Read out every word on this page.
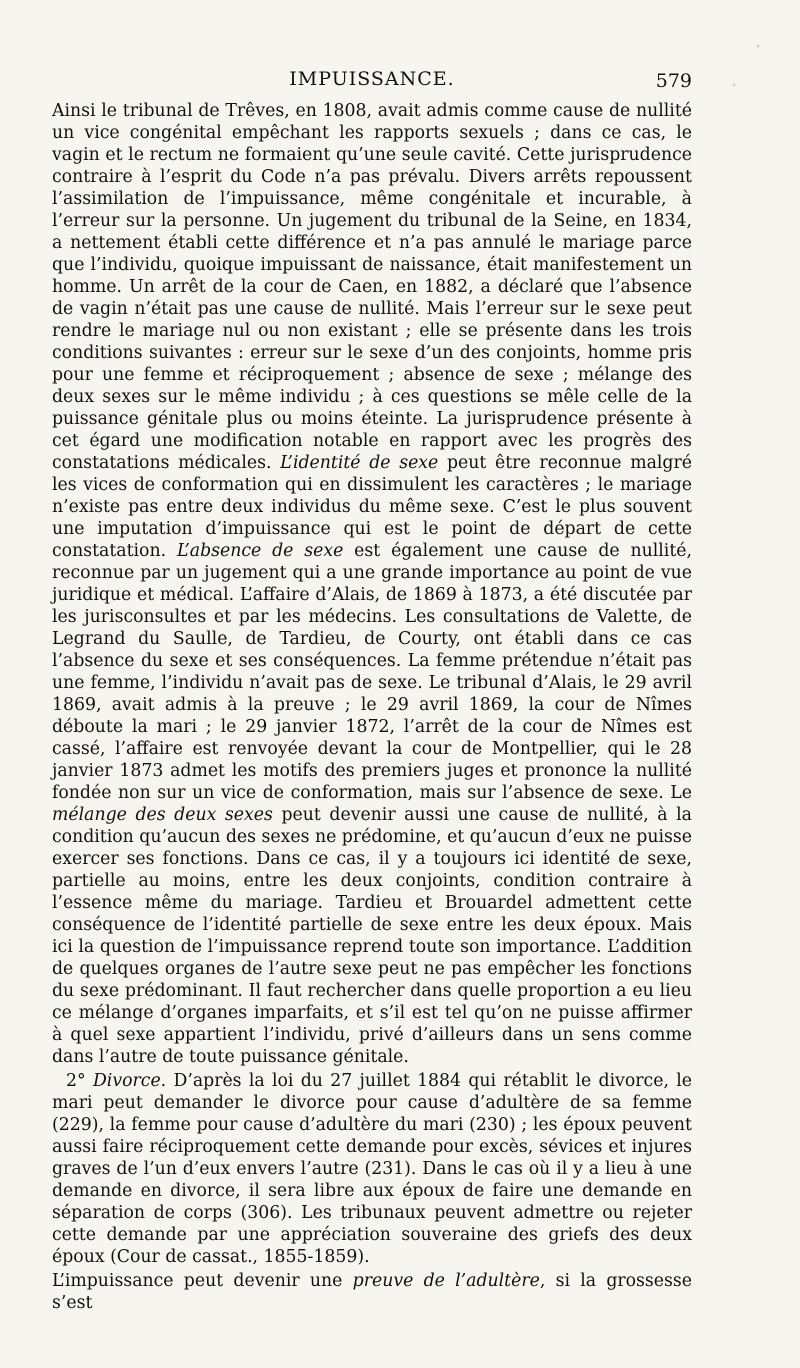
IMPUISSANCE.	579

Ainsi le tribunal de Trêves, en 1808, avait admis comme cause de nullité un vice congénital empêchant les rapports sexuels ; dans ce cas, le vagin et le rectum ne formaient qu’une seule cavité. Cette jurisprudence contraire à l’esprit du Code n’a pas prévalu. Divers arrêts repoussent l’assimilation de l’impuissance, même congénitale et incurable, à l’erreur sur la personne. Un jugement du tribunal de la Seine, en 1834, a nettement établi cette différence et n’a pas annulé le mariage parce que l’individu, quoique impuissant de naissance, était manifestement un homme. Un arrêt de la cour de Caen, en 1882, a déclaré que l’absence de vagin n’était pas une cause de nullité. Mais l’erreur sur le sexe peut rendre le mariage nul ou non existant ; elle se présente dans les trois conditions suivantes : erreur sur le sexe d’un des conjoints, homme pris pour une femme et réciproquement ; absence de sexe ; mélange des deux sexes sur le même individu ; à ces questions se mêle celle de la puissance génitale plus ou moins éteinte. La jurisprudence présente à cet égard une modification notable en rapport avec les progrès des constatations médicales. L’identité de sexe peut être reconnue malgré les vices de conformation qui en dissimulent les caractères ; le mariage n’existe pas entre deux individus du même sexe. C’est le plus souvent une imputation d’impuissance qui est le point de départ de cette constatation. L’absence de sexe est également une cause de nullité, reconnue par un jugement qui a une grande importance au point de vue juridique et médical. L’affaire d’Alais, de 1869 à 1873, a été discutée par les jurisconsultes et par les médecins. Les consultations de Valette, de Legrand du Saulle, de Tardieu, de Courty, ont établi dans ce cas l’absence du sexe et ses conséquences. La femme prétendue n’était pas une femme, l’individu n’avait pas de sexe. Le tribunal d’Alais, le 29 avril 1869, avait admis à la preuve ; le 29 avril 1869, la cour de Nîmes déboute la mari ; le 29 janvier 1872, l’arrêt de la cour de Nîmes est cassé, l’affaire est renvoyée devant la cour de Montpellier, qui le 28 janvier 1873 admet les motifs des premiers juges et prononce la nullité fondée non sur un vice de conformation, mais sur l’absence de sexe. Le mélange des deux sexes peut devenir aussi une cause de nullité, à la condition qu’aucun des sexes ne prédomine, et qu’aucun d’eux ne puisse exercer ses fonctions. Dans ce cas, il y a toujours ici identité de sexe, partielle au moins, entre les deux conjoints, condition contraire à l’essence même du mariage. Tardieu et Brouardel admettent cette conséquence de l’identité partielle de sexe entre les deux époux. Mais ici la question de l’impuissance reprend toute son importance. L’addition de quelques organes de l’autre sexe peut ne pas empêcher les fonctions du sexe prédominant. Il faut rechercher dans quelle proportion a eu lieu ce mélange d’organes imparfaits, et s’il est tel qu’on ne puisse affirmer à quel sexe appartient l’individu, privé d’ailleurs dans un sens comme dans l’autre de toute puissance génitale.

2° Divorce. D’après la loi du 27 juillet 1884 qui rétablit le divorce, le mari peut demander le divorce pour cause d’adultère de sa femme (229), la femme pour cause d’adultère du mari (230) ; les époux peuvent aussi faire réciproquement cette demande pour excès, sévices et injures graves de l’un d’eux envers l’autre (231). Dans le cas où il y a lieu à une demande en divorce, il sera libre aux époux de faire une demande en séparation de corps (306). Les tribunaux peuvent admettre ou rejeter cette demande par une appréciation souveraine des griefs des deux époux (Cour de cassat., 1855-1859).

L’impuissance peut devenir une preuve de l’adultère, si la grossesse s’est
